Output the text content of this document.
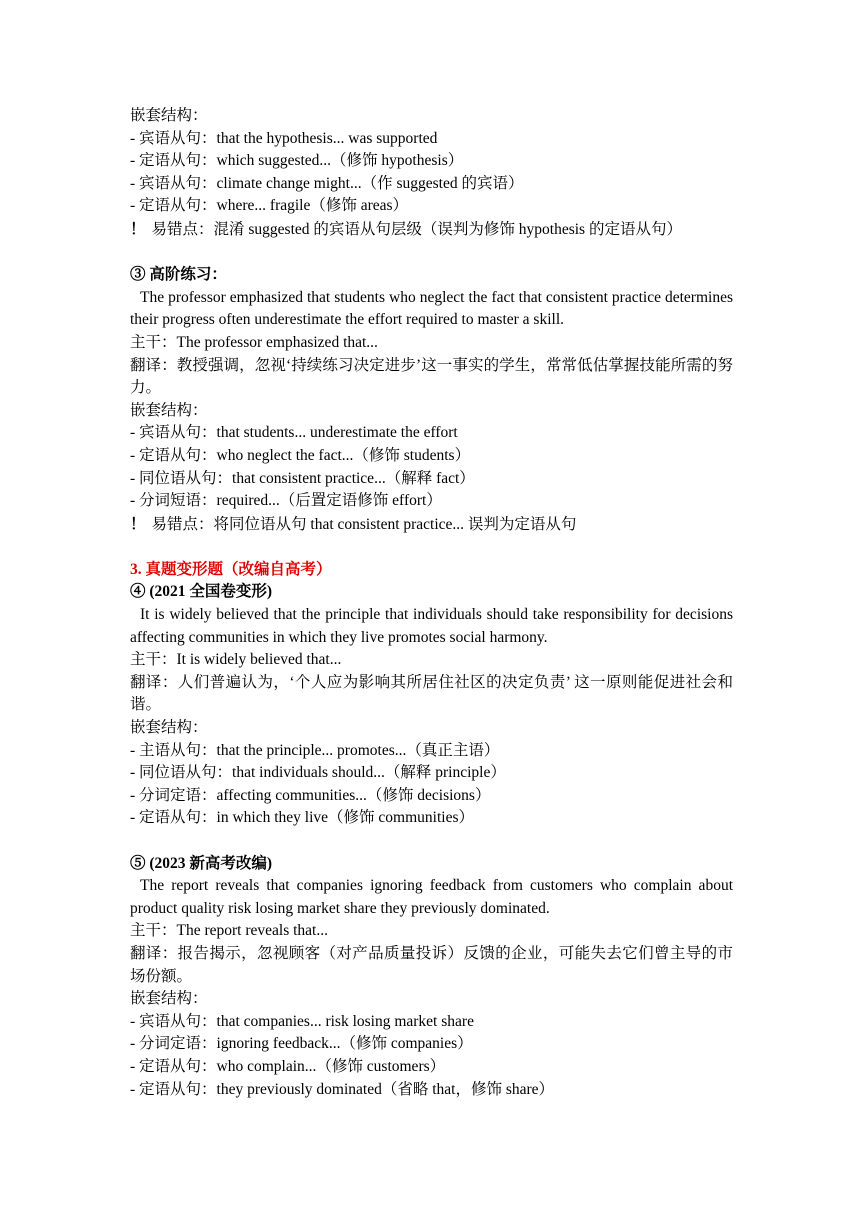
嵌套结构：
- 宾语从句：that the hypothesis... was supported
- 定语从句：which suggested...（修饰 hypothesis）
- 宾语从句：climate change might...（作 suggested 的宾语）
- 定语从句：where... fragile（修饰 areas）
！ 易错点：混淆 suggested 的宾语从句层级（误判为修饰 hypothesis 的定语从句）
③ 高阶练习：
The professor emphasized that students who neglect the fact that consistent practice determines their progress often underestimate the effort required to master a skill.
主干：The professor emphasized that...
翻译：教授强调，忽视‘持续练习决定进步’这一事实的学生，常常低估掌握技能所需的努力。
嵌套结构：
- 宾语从句：that students... underestimate the effort
- 定语从句：who neglect the fact...（修饰 students）
- 同位语从句：that consistent practice...（解释 fact）
- 分词短语：required...（后置定语修饰 effort）
！ 易错点：将同位语从句 that consistent practice... 误判为定语从句
3. 真题变形题（改编自高考）
④ (2021 全国卷变形)
It is widely believed that the principle that individuals should take responsibility for decisions affecting communities in which they live promotes social harmony.
主干：It is widely believed that...
翻译：人们普遍认为，‘个人应为影响其所居住社区的决定负责’ 这一原则能促进社会和谐。
嵌套结构：
- 主语从句：that the principle... promotes...（真正主语）
- 同位语从句：that individuals should...（解释 principle）
- 分词定语：affecting communities...（修饰 decisions）
- 定语从句：in which they live（修饰 communities）
⑤ (2023 新高考改编)
The report reveals that companies ignoring feedback from customers who complain about product quality risk losing market share they previously dominated.
主干：The report reveals that...
翻译：报告揭示，忽视顾客（对产品质量投诉）反馈的企业，可能失去它们曾主导的市场份额。
嵌套结构：
- 宾语从句：that companies... risk losing market share
- 分词定语：ignoring feedback...（修饰 companies）
- 定语从句：who complain...（修饰 customers）
- 定语从句：they previously dominated（省略 that，修饰 share）
